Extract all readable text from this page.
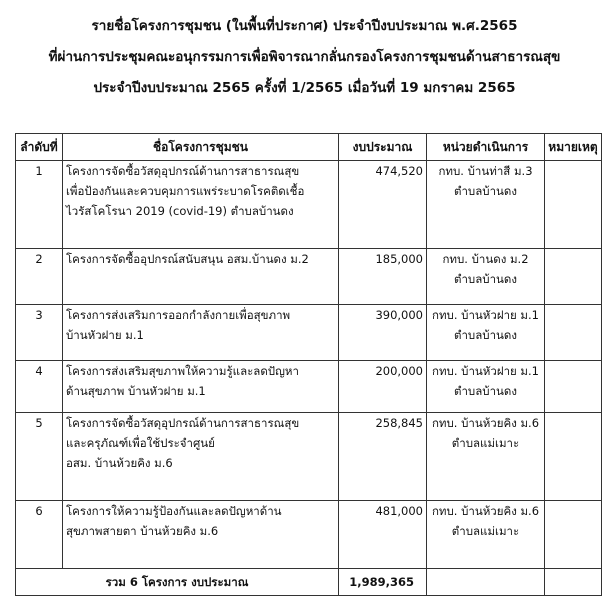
รายชื่อโครงการชุมชน (ในพื้นที่ประกาศ) ประจำปีงบประมาณ พ.ศ.2565
ที่ผ่านการประชุมคณะอนุกรรมการเพื่อพิจารณากลั่นกรองโครงการชุมชนด้านสาธารณสุข
ประจำปีงบประมาณ 2565 ครั้งที่ 1/2565 เมื่อวันที่ 19 มกราคม 2565
ลำดับที่	ชื่อโครงการชุมชน	งบประมาณ	หน่วยดำเนินการ	หมายเหตุ
1	โครงการจัดซื้อวัสดุอุปกรณ์ด้านการสาธารณสุข
เพื่อป้องกันและควบคุมการแพร่ระบาดโรคติดเชื้อ
ไวรัสโคโรนา 2019 (covid-19) ตำบลบ้านดง	474,520	กทบ. บ้านท่าสี ม.3
ตำบลบ้านดง	

2	โครงการจัดซื้ออุปกรณ์สนับสนุน อสม.บ้านดง ม.2	185,000	กทบ. บ้านดง ม.2
ตำบลบ้านดง	

3	โครงการส่งเสริมการออกกำลังกายเพื่อสุขภาพ
บ้านหัวฝาย ม.1	390,000	กทบ. บ้านหัวฝาย ม.1
ตำบลบ้านดง	

4	โครงการส่งเสริมสุขภาพให้ความรู้และลดปัญหา
ด้านสุขภาพ บ้านหัวฝาย ม.1	200,000	กทบ. บ้านหัวฝาย ม.1
ตำบลบ้านดง	

5	โครงการจัดซื้อวัสดุอุปกรณ์ด้านการสาธารณสุข
และครุภัณฑ์เพื่อใช้ประจำศูนย์
อสม. บ้านห้วยคิง ม.6	258,845	กทบ. บ้านห้วยคิง ม.6
ตำบลแม่เมาะ	

6	โครงการให้ความรู้ป้องกันและลดปัญหาด้าน
สุขภาพสายตา บ้านห้วยคิง ม.6	481,000	กทบ. บ้านห้วยคิง ม.6
ตำบลแม่เมาะ	

รวม 6 โครงการ งบประมาณ		1,989,365		
